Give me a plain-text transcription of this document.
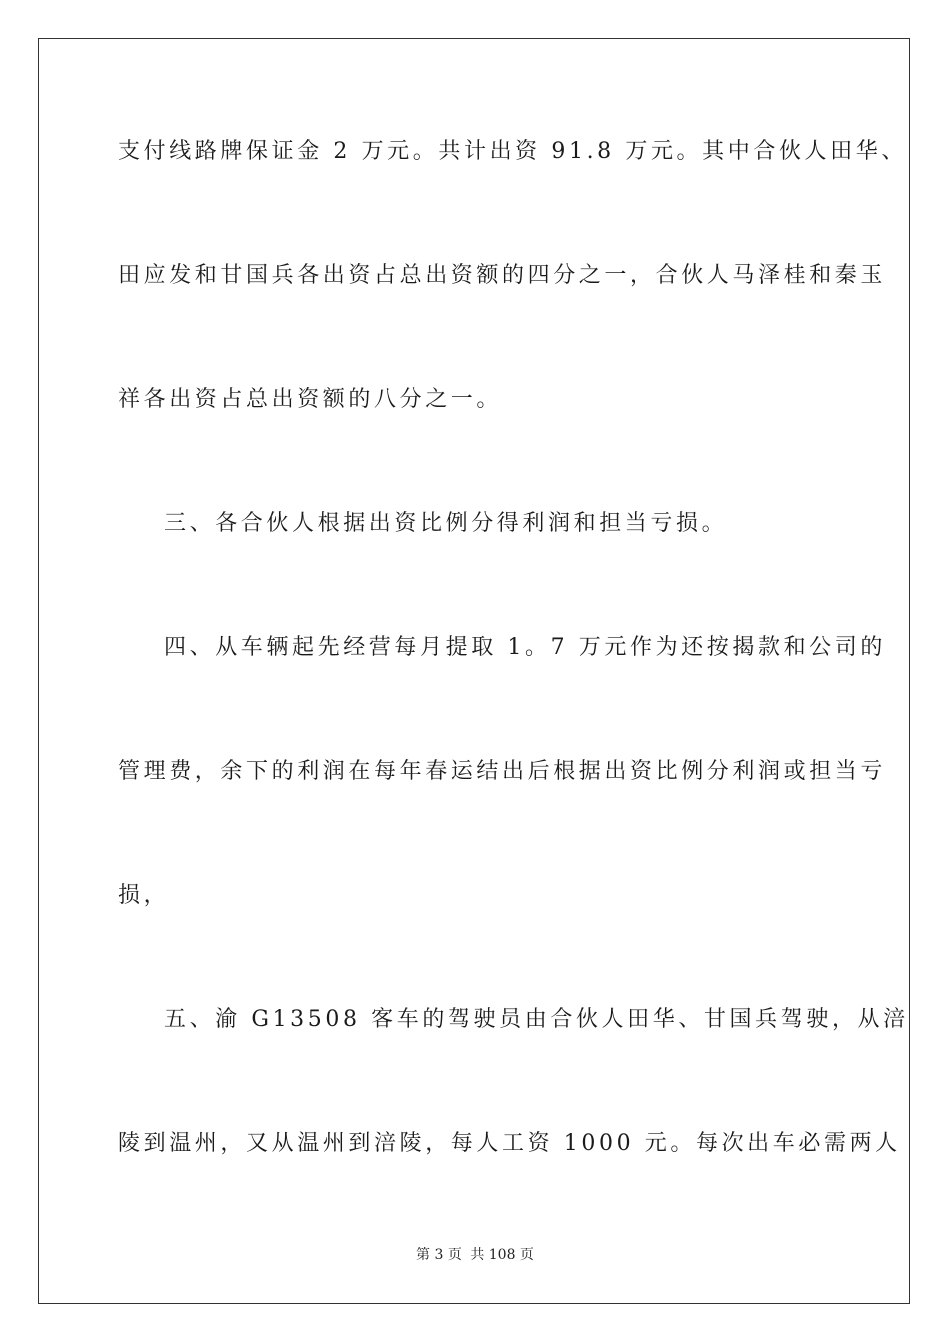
支付线路牌保证金 2 万元。共计出资 91.8 万元。其中合伙人田华、
田应发和甘国兵各出资占总出资额的四分之一，合伙人马泽桂和秦玉
祥各出资占总出资额的八分之一。
三、各合伙人根据出资比例分得利润和担当亏损。
四、从车辆起先经营每月提取 1。7 万元作为还按揭款和公司的
管理费，余下的利润在每年春运结出后根据出资比例分利润或担当亏
损，
五、渝 G13508 客车的驾驶员由合伙人田华、甘国兵驾驶，从涪
陵到温州，又从温州到涪陵，每人工资 1000 元。每次出车必需两人
第 3 页 共 108 页
